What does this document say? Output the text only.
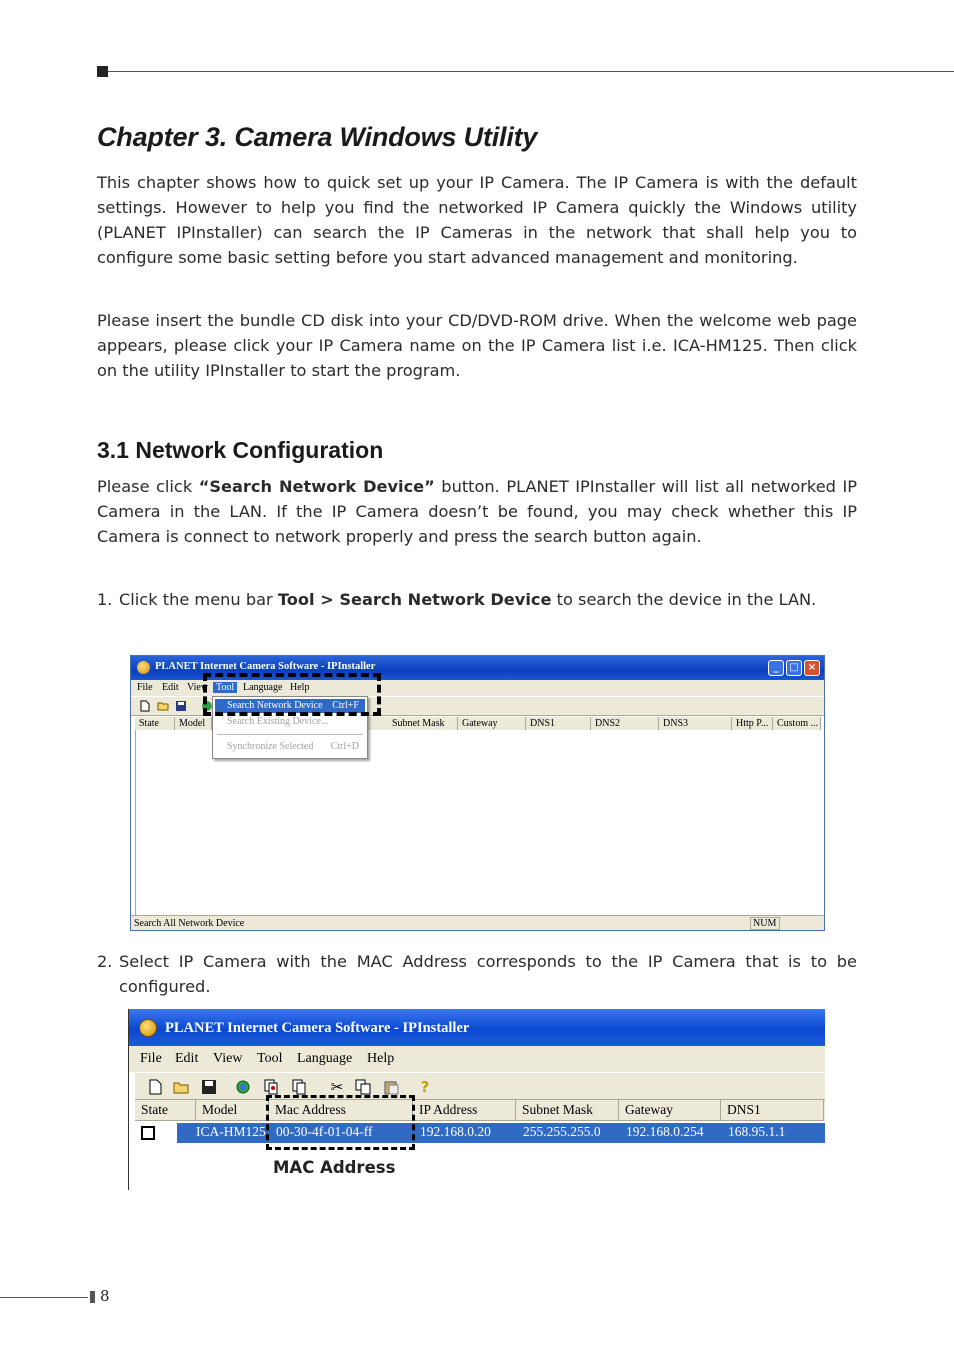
Chapter 3. Camera Windows Utility

This chapter shows how to quick set up your IP Camera. The IP Camera is with the default settings. However to help you find the networked IP Camera quickly the Windows utility (PLANET IPInstaller) can search the IP Cameras in the network that shall help you to configure some basic setting before you start advanced management and monitoring.

Please insert the bundle CD disk into your CD/DVD-ROM drive. When the welcome web page appears, please click your IP Camera name on the IP Camera list i.e. ICA-HM125. Then click on the utility IPInstaller to start the program.

3.1 Network Configuration

Please click “Search Network Device” button. PLANET IPInstaller will list all networked IP Camera in the LAN. If the IP Camera doesn’t be found, you may check whether this IP Camera is connect to network properly and press the search button again.

1. Click the menu bar Tool > Search Network Device to search the device in the LAN.
PLANET Internet Camera Software - IPInstaller	_	□ ×
File Edit View Tool Language Help
State	Model	Subnet Mask	Gateway	DNS1	DNS2	DNS3	Http P... Custom ...
Search Network Device Ctrl+F
Search Existing Device...
Synchronize Selected Ctrl+D
Search All Network Device	NUM
2. Select IP Camera with the MAC Address corresponds to the IP Camera that is to be configured.
PLANET Internet Camera Software - IPInstaller
File Edit View Tool Language Help
✂	?
State	Model	Mac Address	IP Address	Subnet Mask	Gateway	DNS1
ICA-HM125 00-30-4f-01-04-ff	192.168.0.20 255.255.255.0 192.168.0.254 168.95.1.1
MAC Address
8
